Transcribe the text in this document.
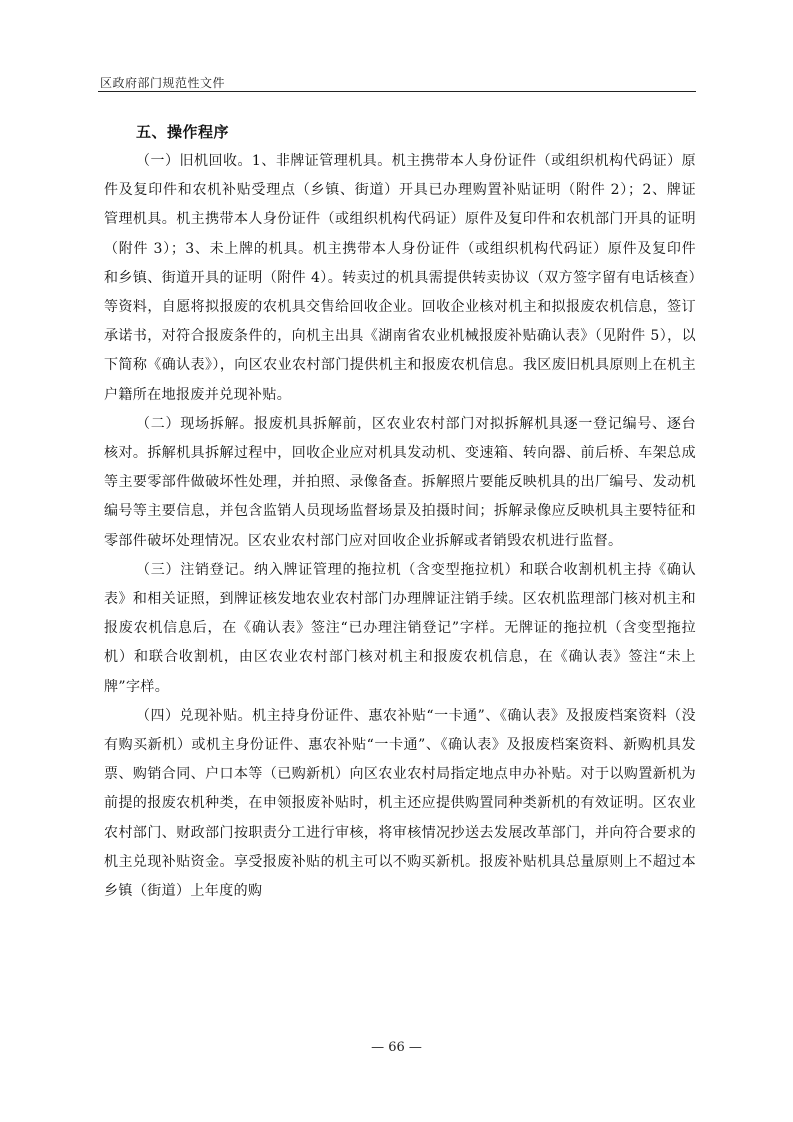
区政府部门规范性文件

五、操作程序

（一）旧机回收。1、非牌证管理机具。机主携带本人身份证件（或组织机构代码证）原件及复印件和农机补贴受理点（乡镇、街道）开具已办理购置补贴证明（附件 2）；2、牌证管理机具。机主携带本人身份证件（或组织机构代码证）原件及复印件和农机部门开具的证明（附件 3）；3、未上牌的机具。机主携带本人身份证件（或组织机构代码证）原件及复印件和乡镇、街道开具的证明（附件 4）。转卖过的机具需提供转卖协议（双方签字留有电话核查）等资料，自愿将拟报废的农机具交售给回收企业。回收企业核对机主和拟报废农机信息，签订承诺书，对符合报废条件的，向机主出具《湖南省农业机械报废补贴确认表》（见附件 5），以下简称《确认表》），向区农业农村部门提供机主和报废农机信息。我区废旧机具原则上在机主户籍所在地报废并兑现补贴。

（二）现场拆解。报废机具拆解前，区农业农村部门对拟拆解机具逐一登记编号、逐台核对。拆解机具拆解过程中，回收企业应对机具发动机、变速箱、转向器、前后桥、车架总成等主要零部件做破坏性处理，并拍照、录像备查。拆解照片要能反映机具的出厂编号、发动机编号等主要信息，并包含监销人员现场监督场景及拍摄时间；拆解录像应反映机具主要特征和零部件破坏处理情况。区农业农村部门应对回收企业拆解或者销毁农机进行监督。

（三）注销登记。纳入牌证管理的拖拉机（含变型拖拉机）和联合收割机机主持《确认表》和相关证照，到牌证核发地农业农村部门办理牌证注销手续。区农机监理部门核对机主和报废农机信息后，在《确认表》签注“已办理注销登记”字样。无牌证的拖拉机（含变型拖拉机）和联合收割机，由区农业农村部门核对机主和报废农机信息，在《确认表》签注“未上牌”字样。

（四）兑现补贴。机主持身份证件、惠农补贴“一卡通”、《确认表》及报废档案资料（没有购买新机）或机主身份证件、惠农补贴“一卡通”、《确认表》及报废档案资料、新购机具发票、购销合同、户口本等（已购新机）向区农业农村局指定地点申办补贴。对于以购置新机为前提的报废农机种类，在申领报废补贴时，机主还应提供购置同种类新机的有效证明。区农业农村部门、财政部门按职责分工进行审核，将审核情况抄送去发展改革部门，并向符合要求的机主兑现补贴资金。享受报废补贴的机主可以不购买新机。报废补贴机具总量原则上不超过本乡镇（街道）上年度的购

— 66 —
